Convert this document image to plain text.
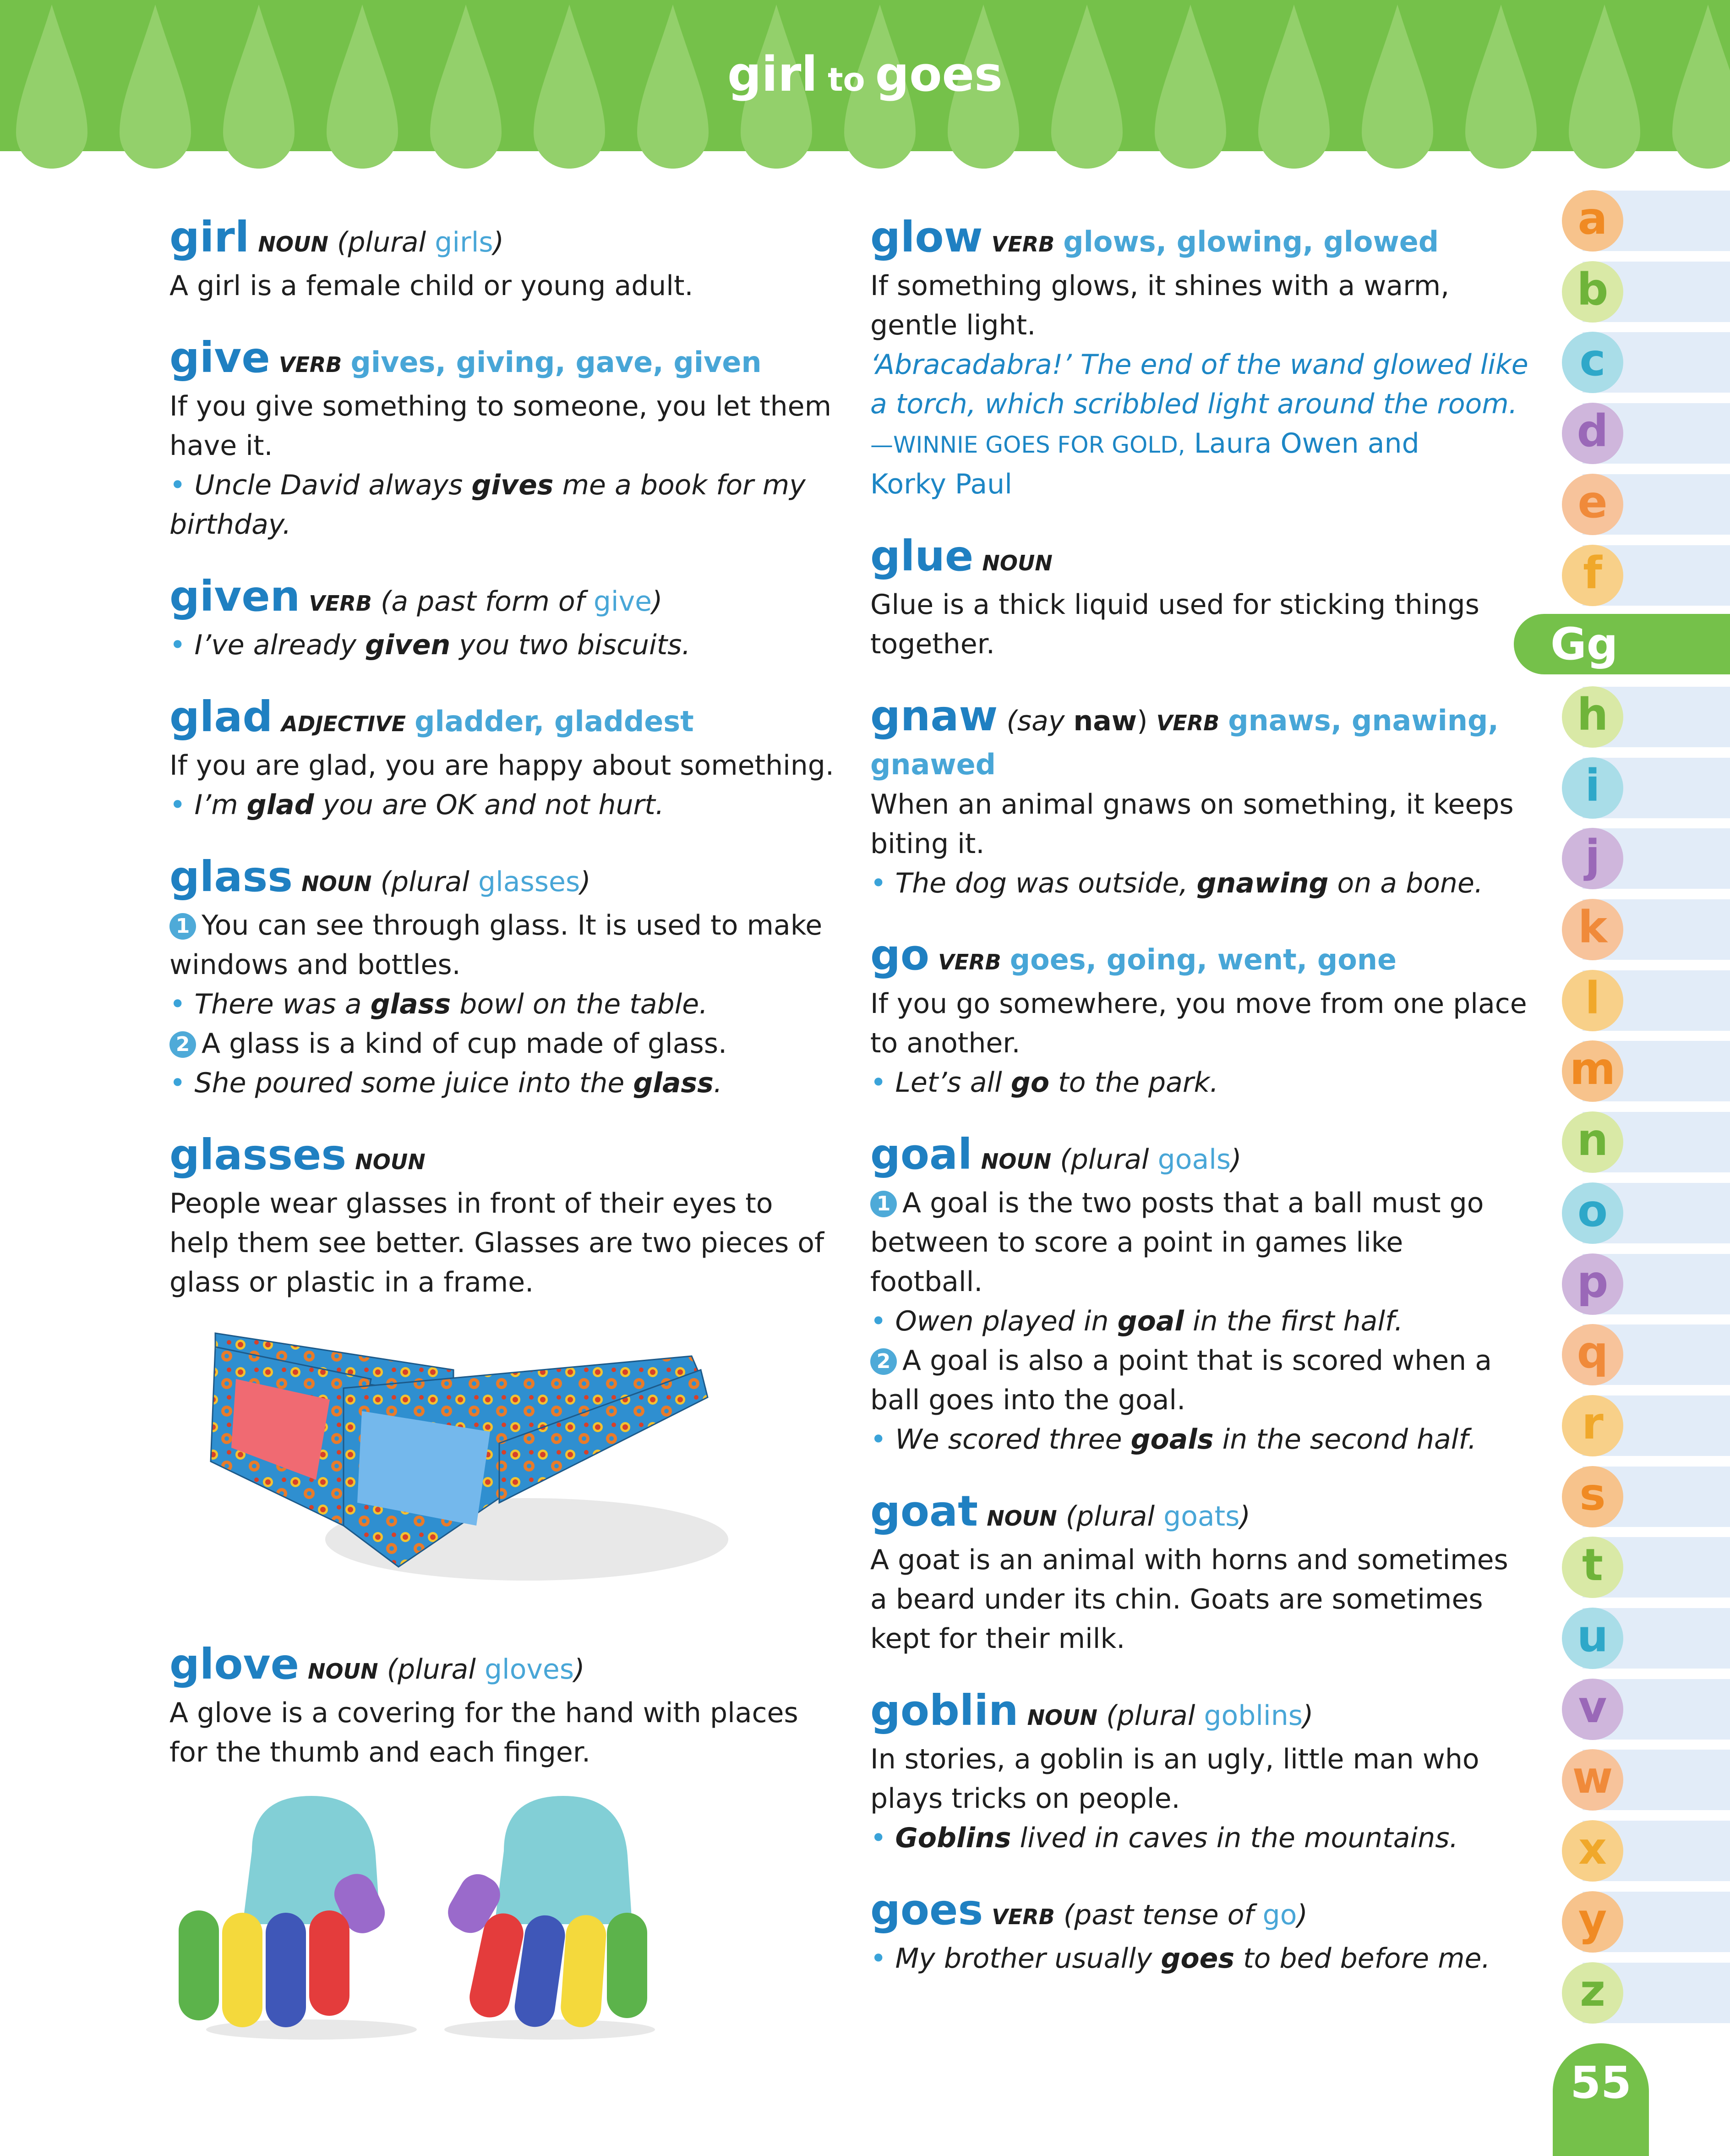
girl to goes
girl NOUN (plural girls)
A girl is a female child or young adult.
give VERB gives, giving, gave, given
If you give something to someone, you let them
have it.
• Uncle David always gives me a book for my
birthday.
given VERB (a past form of give)
• I’ve already given you two biscuits.
glad ADJECTIVE gladder, gladdest
If you are glad, you are happy about something.
• I’m glad you are OK and not hurt.
glass NOUN (plural glasses)
1 You can see through glass. It is used to make
windows and bottles.
• There was a glass bowl on the table.
2 A glass is a kind of cup made of glass.
• She poured some juice into the glass.
glasses NOUN
People wear glasses in front of their eyes to
help them see better. Glasses are two pieces of
glass or plastic in a frame.
glove NOUN (plural gloves)
A glove is a covering for the hand with places
for the thumb and each finger.
glow VERB glows, glowing, glowed
If something glows, it shines with a warm,
gentle light.
‘Abracadabra!’ The end of the wand glowed like
a torch, which scribbled light around the room.
—WINNIE GOES FOR GOLD, Laura Owen and
Korky Paul
glue NOUN
Glue is a thick liquid used for sticking things
together.
gnaw (say naw) VERB gnaws, gnawing,
gnawed
When an animal gnaws on something, it keeps
biting it.
• The dog was outside, gnawing on a bone.
go VERB goes, going, went, gone
If you go somewhere, you move from one place
to another.
• Let’s all go to the park.
goal NOUN (plural goals)
1 A goal is the two posts that a ball must go
between to score a point in games like
football.
• Owen played in goal in the first half.
2 A goal is also a point that is scored when a
ball goes into the goal.
• We scored three goals in the second half.
goat NOUN (plural goats)
A goat is an animal with horns and sometimes
a beard under its chin. Goats are sometimes
kept for their milk.
goblin NOUN (plural goblins)
In stories, a goblin is an ugly, little man who
plays tricks on people.
• Goblins lived in caves in the mountains.
goes VERB (past tense of go)
• My brother usually goes to bed before me.
a
b
c
d
e
f
h
i
j
k
l
m
n
o
p
q
r
s
t
u
v
w
x
y
z
Gg
55
